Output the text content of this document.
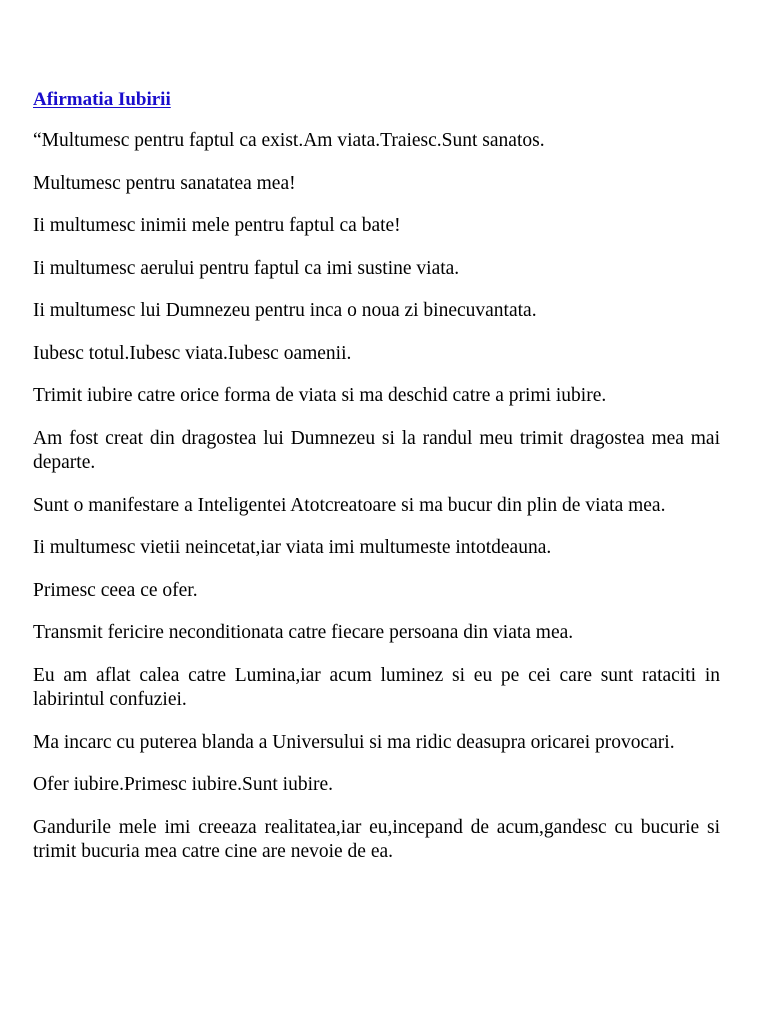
Afirmatia Iubirii
“Multumesc pentru faptul ca exist.Am viata.Traiesc.Sunt sanatos.
Multumesc pentru sanatatea mea!
Ii multumesc inimii mele pentru faptul ca bate!
Ii multumesc aerului pentru faptul ca imi sustine viata.
Ii multumesc lui Dumnezeu pentru inca o noua zi binecuvantata.
Iubesc totul.Iubesc viata.Iubesc oamenii.
Trimit iubire catre orice forma de viata si ma deschid catre a primi iubire.
Am fost creat din dragostea lui Dumnezeu si la randul meu trimit dragostea mea mai departe.
Sunt o manifestare a Inteligentei Atotcreatoare si ma bucur din plin de viata mea.
Ii multumesc vietii neincetat,iar viata imi multumeste intotdeauna.
Primesc ceea ce ofer.
Transmit fericire neconditionata catre fiecare persoana din viata mea.
Eu am aflat calea catre Lumina,iar acum luminez si eu pe cei care sunt rataciti in labirintul confuziei.
Ma incarc cu puterea blanda a Universului si ma ridic deasupra oricarei provocari.
Ofer iubire.Primesc iubire.Sunt iubire.
Gandurile mele imi creeaza realitatea,iar eu,incepand de acum,gandesc cu bucurie si trimit bucuria mea catre cine are nevoie de ea.
